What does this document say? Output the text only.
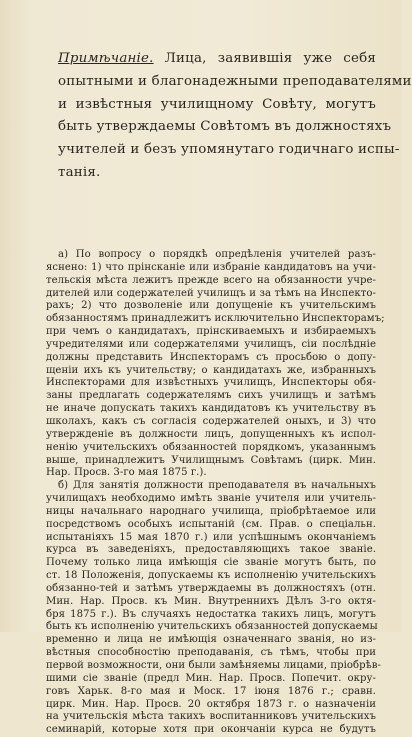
Примѣчаніе. Лица, заявившія уже себя
опытными и благонадежными преподавателями
и извѣстныя училищному Совѣту, могутъ
быть утверждаемы Совѣтомъ въ должностяхъ
учителей и безъ упомянутаго годичнаго испы-
танія.
а) По вопросу о порядкѣ опредѣленія учителей разъ-
яснено: 1) что прінсканіе или избраніе кандидатовъ на учи-
тельскія мѣста лежитъ прежде всего на обязанности учре-
дителей или содержателей училищъ и за тѣмъ на Инспекто-
рахъ; 2) что дозволеніе или допущеніе къ учительскимъ
обязанностямъ принадлежитъ исключительно Инспекторамъ;
при чемъ о кандидатахъ, прінскиваемыхъ и избираемыхъ
учредителями или содержателями училищъ, сіи послѣдніе
должны представить Инспекторамъ съ просьбою о допу-
щеніи ихъ къ учительству; о кандидатахъ же, избранныхъ
Инспекторами для извѣстныхъ училищъ, Инспекторы обя-
заны предлагать содержателямъ сихъ училищъ и затѣмъ
не иначе допускать такихъ кандидатовъ къ учительству въ
школахъ, какъ съ согласія содержателей оныхъ, и 3) что
утвержденіе въ должности лицъ, допущенныхъ къ испол-
ненію учительскихъ обязанностей порядкомъ, указаннымъ
выше, принадлежитъ Училищнымъ Совѣтамъ (цирк. Мин.
Нар. Просв. 3-го мая 1875 г.).
б) Для занятія должности преподавателя въ начальныхъ
училищахъ необходимо имѣть званіе учителя или учитель-
ницы начальнаго народнаго училища, пріобрѣтаемое или
посредствомъ особыхъ испытаній (см. Прав. о спеціальн.
испытаніяхъ 15 мая 1870 г.) или успѣшнымъ окончаніемъ
курса въ заведеніяхъ, предоставляющихъ такое званіе.
Почему только лица имѣющія сіе званіе могутъ быть, по
ст. 18 Положенія, допускаемы къ исполненію учительскихъ
обязанно-тей и затѣмъ утверждаемы въ должностяхъ (отн.
Мин. Нар. Просв. къ Мин. Внутреннихъ Дѣлъ 3-го октя-
бря 1875 г.). Въ случаяхъ недостатка такихъ лицъ, могутъ
быть къ исполненію учительскихъ обязанностей допускаемы
временно и лица не имѣющія означеннаго званія, но из-
вѣстныя способностію преподаванія, съ тѣмъ, чтобы при
первой возможности, они были замѣняемы лицами, пріобрѣв-
шими сіе званіе (предл Мин. Нар. Просв. Попечит. окру-
говъ Харьк. 8-го мая и Моск. 17 іюня 1876 г.; сравн.
цирк. Мин. Нар. Просв. 20 октября 1873 г. о назначеніи
на учительскія мѣста такихъ воспитанниковъ учительскихъ
семинарій, которые хотя при окончаніи курса не будутъ
